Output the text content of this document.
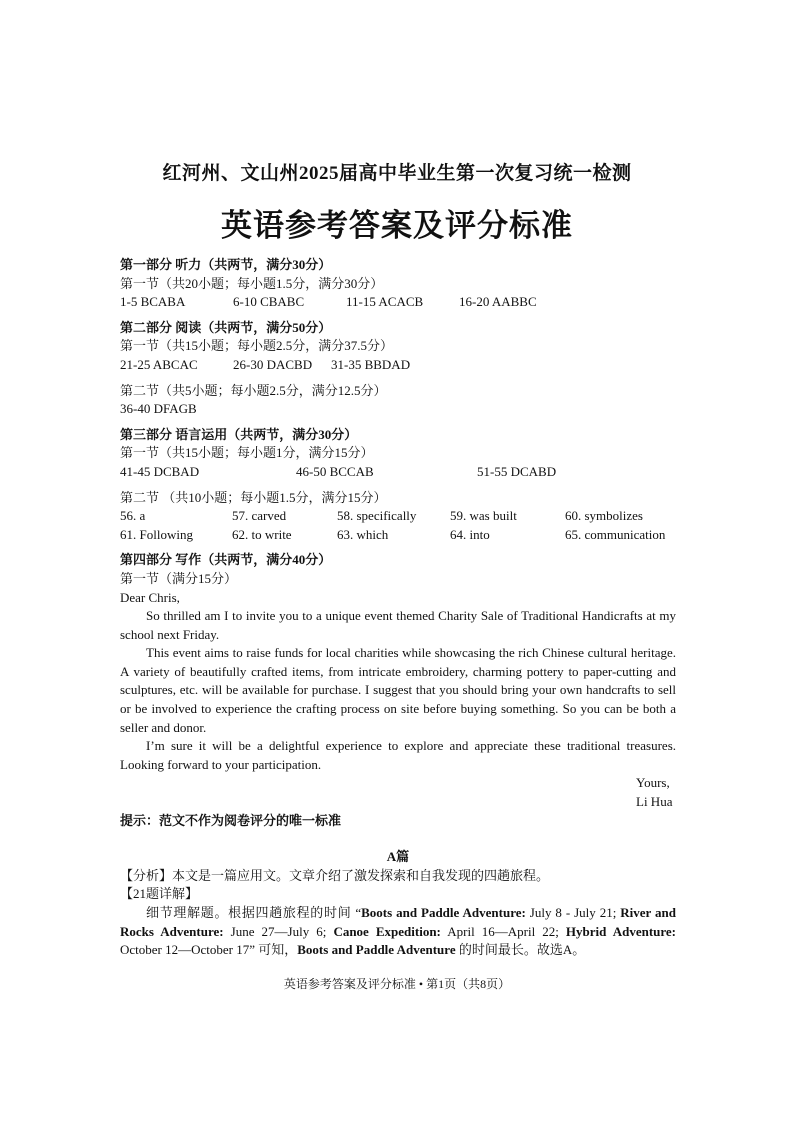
红河州、文山州2025届高中毕业生第一次复习统一检测
英语参考答案及评分标准
第一部分 听力（共两节，满分30分）
第一节（共20小题；每小题1.5分，满分30分）
1-5 BCABA	6-10 CBABC	11-15 ACACB	16-20 AABBC
第二部分 阅读（共两节，满分50分）
第一节（共15小题；每小题2.5分，满分37.5分）
21-25 ABCAC	26-30 DACBD 31-35 BBDAD
第二节（共5小题；每小题2.5分，满分12.5分）
36-40 DFAGB
第三部分 语言运用（共两节，满分30分）
第一节（共15小题；每小题1分，满分15分）
41-45 DCBAD	46-50 BCCAB	51-55 DCABD
第二节 （共10小题；每小题1.5分，满分15分）
56. a	57. carved	58. specifically	59. was built	60. symbolizes
61. Following	62. to write	63. which	64. into	65. communication
第四部分 写作（共两节，满分40分）
第一节（满分15分）
Dear Chris,
So thrilled am I to invite you to a unique event themed Charity Sale of Traditional Handicrafts at my school next Friday.
This event aims to raise funds for local charities while showcasing the rich Chinese cultural heritage. A variety of beautifully crafted items, from intricate embroidery, charming pottery to paper-cutting and sculptures, etc. will be available for purchase. I suggest that you should bring your own handcrafts to sell or be involved to experience the crafting process on site before buying something. So you can be both a seller and donor.
I’m sure it will be a delightful experience to explore and appreciate these traditional treasures. Looking forward to your participation.
Yours,
Li Hua
提示：范文不作为阅卷评分的唯一标准
A篇
【分析】本文是一篇应用文。文章介绍了激发探索和自我发现的四趟旅程。
【21题详解】
细节理解题。根据四趟旅程的时间 “Boots and Paddle Adventure: July 8 - July 21; River and Rocks Adventure: June 27—July 6; Canoe Expedition: April 16—April 22; Hybrid Adventure: October 12—October 17” 可知，Boots and Paddle Adventure 的时间最长。故选A。
英语参考答案及评分标准 • 第1页（共8页）
